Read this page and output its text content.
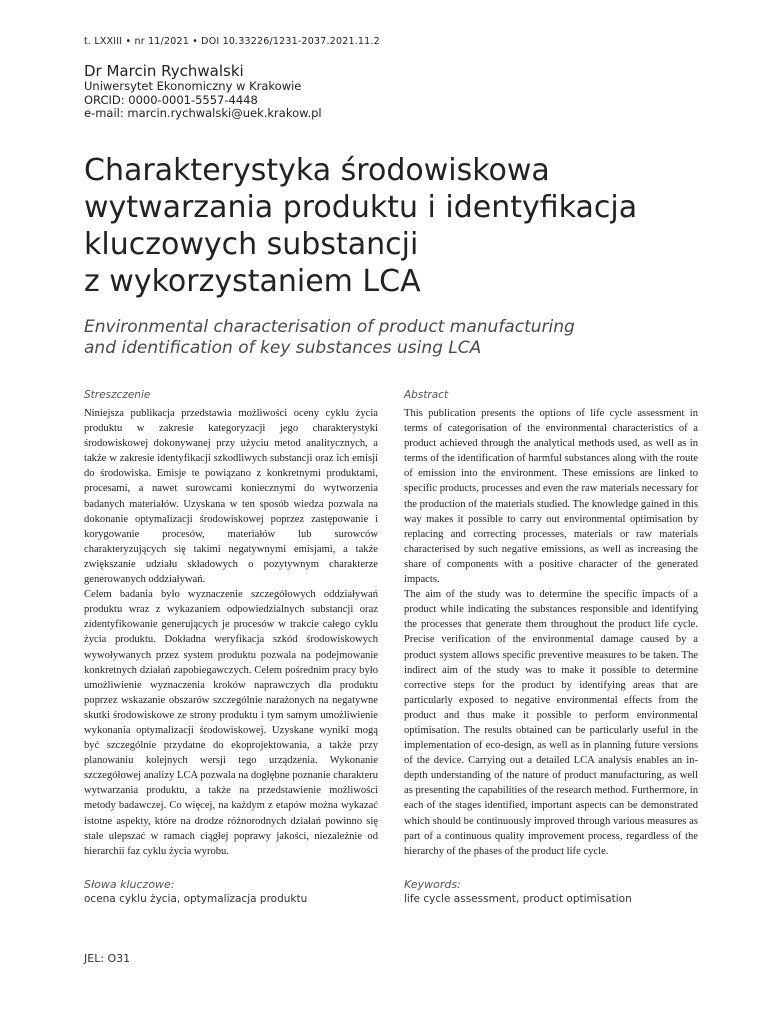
t. LXXIII • nr 11/2021 • DOI 10.33226/1231-2037.2021.11.2
Dr Marcin Rychwalski
Uniwersytet Ekonomiczny w Krakowie
ORCID: 0000-0001-5557-4448
e-mail: marcin.rychwalski@uek.krakow.pl
Charakterystyka środowiskowa
wytwarzania produktu i identyfikacja
kluczowych substancji
z wykorzystaniem LCA
Environmental characterisation of product manufacturing
and identification of key substances using LCA
Streszczenie

Niniejsza publikacja przedstawia możliwości oceny cyklu życia produktu w zakresie kategoryzacji jego charakterystyki środowiskowej dokonywanej przy użyciu metod analitycznych, a także w zakresie identyfikacji szkodliwych substancji oraz ich emisji do środowiska. Emisje te powiązano z konkretnymi produktami, procesami, a nawet surowcami koniecznymi do wytworzenia badanych materiałów. Uzyskana w ten sposób wiedza pozwala na dokonanie optymalizacji środowiskowej poprzez zastępowanie i korygowanie procesów, materiałów lub surowców charakteryzujących się takimi negatywnymi emisjami, a także zwiększanie udziału składowych o pozytywnym charakterze generowanych oddziaływań.

Celem badania było wyznaczenie szczegółowych oddziaływań produktu wraz z wykazaniem odpowiedzialnych substancji oraz zidentyfikowanie generujących je procesów w trakcie całego cyklu życia produktu. Dokładna weryfikacja szkód środowiskowych wywoływanych przez system produktu pozwala na podejmowanie konkretnych działań zapobiegawczych. Celem pośrednim pracy było umożliwienie wyznaczenia kroków naprawczych dla produktu poprzez wskazanie obszarów szczególnie narażonych na negatywne skutki środowiskowe ze strony produktu i tym samym umożliwienie wykonania optymalizacji środowiskowej. Uzyskane wyniki mogą być szczególnie przydatne do ekoprojektowania, a także przy planowaniu kolejnych wersji tego urządzenia. Wykonanie szczegółowej analizy LCA pozwala na dogłębne poznanie charakteru wytwarzania produktu, a także na przedstawienie możliwości metody badawczej. Co więcej, na każdym z etapów można wykazać istotne aspekty, które na drodze różnorodnych działań powinno się stale ulepszać w ramach ciągłej poprawy jakości, niezależnie od hierarchii faz cyklu życia wyrobu.

Abstract

This publication presents the options of life cycle assessment in terms of categorisation of the environmental characteristics of a product achieved through the analytical methods used, as well as in terms of the identification of harmful substances along with the route of emission into the environment. These emissions are linked to specific products, processes and even the raw materials necessary for the production of the materials studied. The knowledge gained in this way makes it possible to carry out environmental optimisation by replacing and correcting processes, materials or raw materials characterised by such negative emissions, as well as increasing the share of components with a positive character of the generated impacts.

The aim of the study was to determine the specific impacts of a product while indicating the substances responsible and identifying the processes that generate them throughout the product life cycle. Precise verification of the environmental damage caused by a product system allows specific preventive measures to be taken. The indirect aim of the study was to make it possible to determine corrective steps for the product by identifying areas that are particularly exposed to negative environmental effects from the product and thus make it possible to perform environmental optimisation. The results obtained can be particularly useful in the implementation of eco-design, as well as in planning future versions of the device. Carrying out a detailed LCA analysis enables an in-depth understanding of the nature of product manufacturing, as well as presenting the capabilities of the research method. Furthermore, in each of the stages identified, important aspects can be demonstrated which should be continuously improved through various measures as part of a continuous quality improvement process, regardless of the hierarchy of the phases of the product life cycle.

Słowa kluczowe:
ocena cyklu życia, optymalizacja produktu
Keywords:
life cycle assessment, product optimisation
JEL: O31
